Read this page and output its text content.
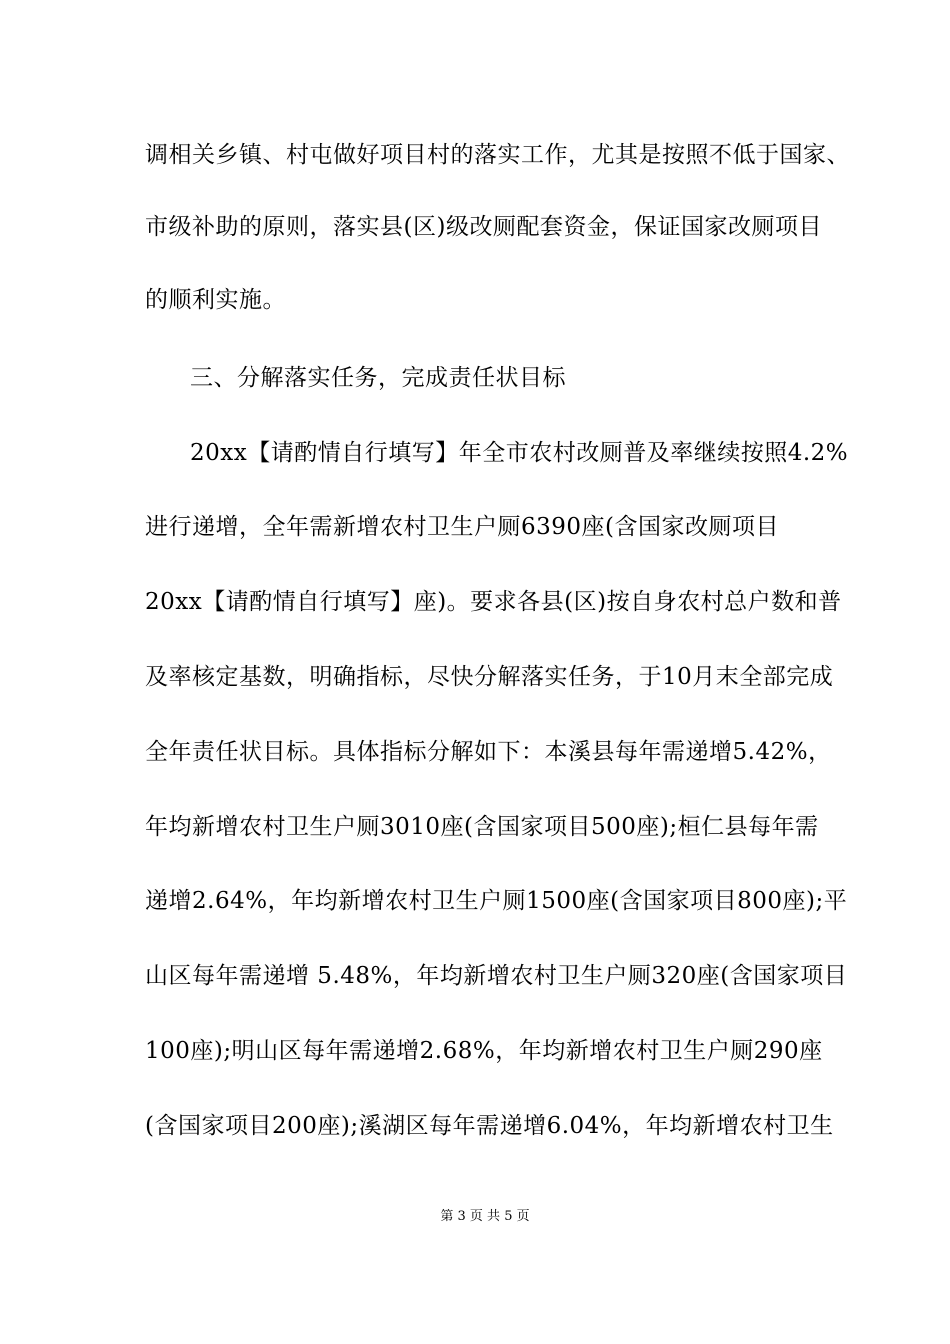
调相关乡镇、村屯做好项目村的落实工作，尤其是按照不低于国家、
市级补助的原则，落实县(区)级改厕配套资金，保证国家改厕项目
的顺利实施。
三、分解落实任务，完成责任状目标
20xx【请酌情自行填写】年全市农村改厕普及率继续按照4.2%
进行递增，全年需新增农村卫生户厕6390座(含国家改厕项目
20xx【请酌情自行填写】座)。要求各县(区)按自身农村总户数和普
及率核定基数，明确指标，尽快分解落实任务，于10月末全部完成
全年责任状目标。具体指标分解如下：本溪县每年需递增5.42%，
年均新增农村卫生户厕3010座(含国家项目500座);桓仁县每年需
递增2.64%，年均新增农村卫生户厕1500座(含国家项目800座);平
山区每年需递增 5.48%，年均新增农村卫生户厕320座(含国家项目
100座);明山区每年需递增2.68%，年均新增农村卫生户厕290座
(含国家项目200座);溪湖区每年需递增6.04%，年均新增农村卫生
第 3 页 共 5 页
